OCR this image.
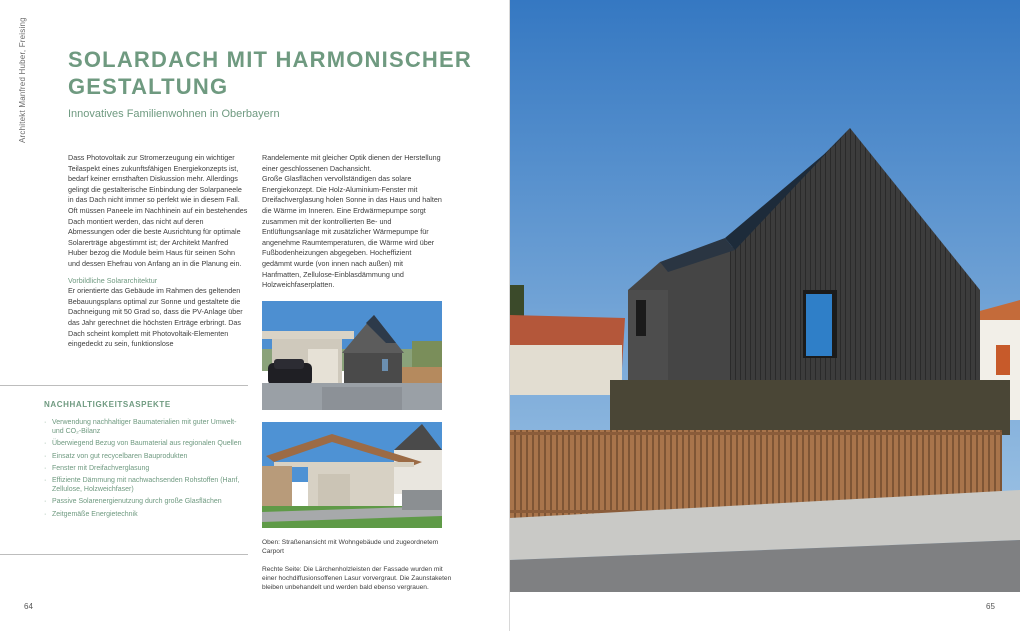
Architekt Manfred Huber, Freising SOLARDACH MIT HARMONISCHER GESTALTUNG

Innovatives Familienwohnen in Oberbayern

Dass Photovoltaik zur Stromerzeugung ein wichtiger Teilaspekt eines zukunftsfähigen Energiekonzepts ist, bedarf keiner ernsthaften Diskussion mehr. Allerdings gelingt die gestalterische Einbindung der Solarpaneele in das Dach nicht immer so perfekt wie in diesem Fall. Oft müssen Paneele im Nachhinein auf ein bestehendes Dach montiert werden, das nicht auf deren Abmessungen oder die beste Ausrichtung für optimale Solarerträge abgestimmt ist; der Architekt Manfred Huber bezog die Module beim Haus für seinen Sohn und dessen Ehefrau von Anfang an in die Planung ein.

Vorbildliche Solararchitektur

Er orientierte das Gebäude im Rahmen des geltenden Bebauungsplans optimal zur Sonne und gestaltete die Dachneigung mit 50 Grad so, dass die PV-Anlage über das Jahr gerechnet die höchsten Erträge erbringt. Das Dach scheint komplett mit Photovoltaik-Elementen eingedeckt zu sein, funktionslose

Randelemente mit gleicher Optik dienen der Herstellung einer geschlossenen Dachansicht.

Große Glasflächen vervollständigen das solare Energiekonzept. Die Holz-Aluminium-Fenster mit Dreifachverglasung holen Sonne in das Haus und halten die Wärme im Inneren. Eine Erdwärmepumpe sorgt zusammen mit der kontrollierten Be- und Entlüftungsanlage mit zusätzlicher Wärmepumpe für angenehme Raumtemperaturen, die Wärme wird über Fußbodenheizungen abgegeben. Hocheffizient gedämmt wurde (von innen nach außen) mit Hanfmatten, Zellulose-Einblasdämmung und Holzweichfaserplatten.

NACHHALTIGKEITSASPEKTE
· Verwendung nachhaltiger Baumaterialien mit guter Umwelt- und CO₂-Bilanz
· Überwiegend Bezug von Baumaterial aus regionalen Quellen
· Einsatz von gut recycelbaren Bauprodukten
· Fenster mit Dreifachverglasung
· Effiziente Dämmung mit nachwachsenden Rohstoffen (Hanf, Zellulose, Holzweichfaser)
· Passive Solarenergienutzung durch große Glasflächen
· Zeitgemäße Energietechnik

Oben: Straßenansicht mit Wohngebäude und zugeordnetem Carport

Rechte Seite: Die Lärchenholzleisten der Fassade wurden mit einer hochdiffusionsoffenen Lasur vorvergraut. Die Zaunstaketen bleiben unbehandelt und werden bald ebenso vergrauen.

64	65
